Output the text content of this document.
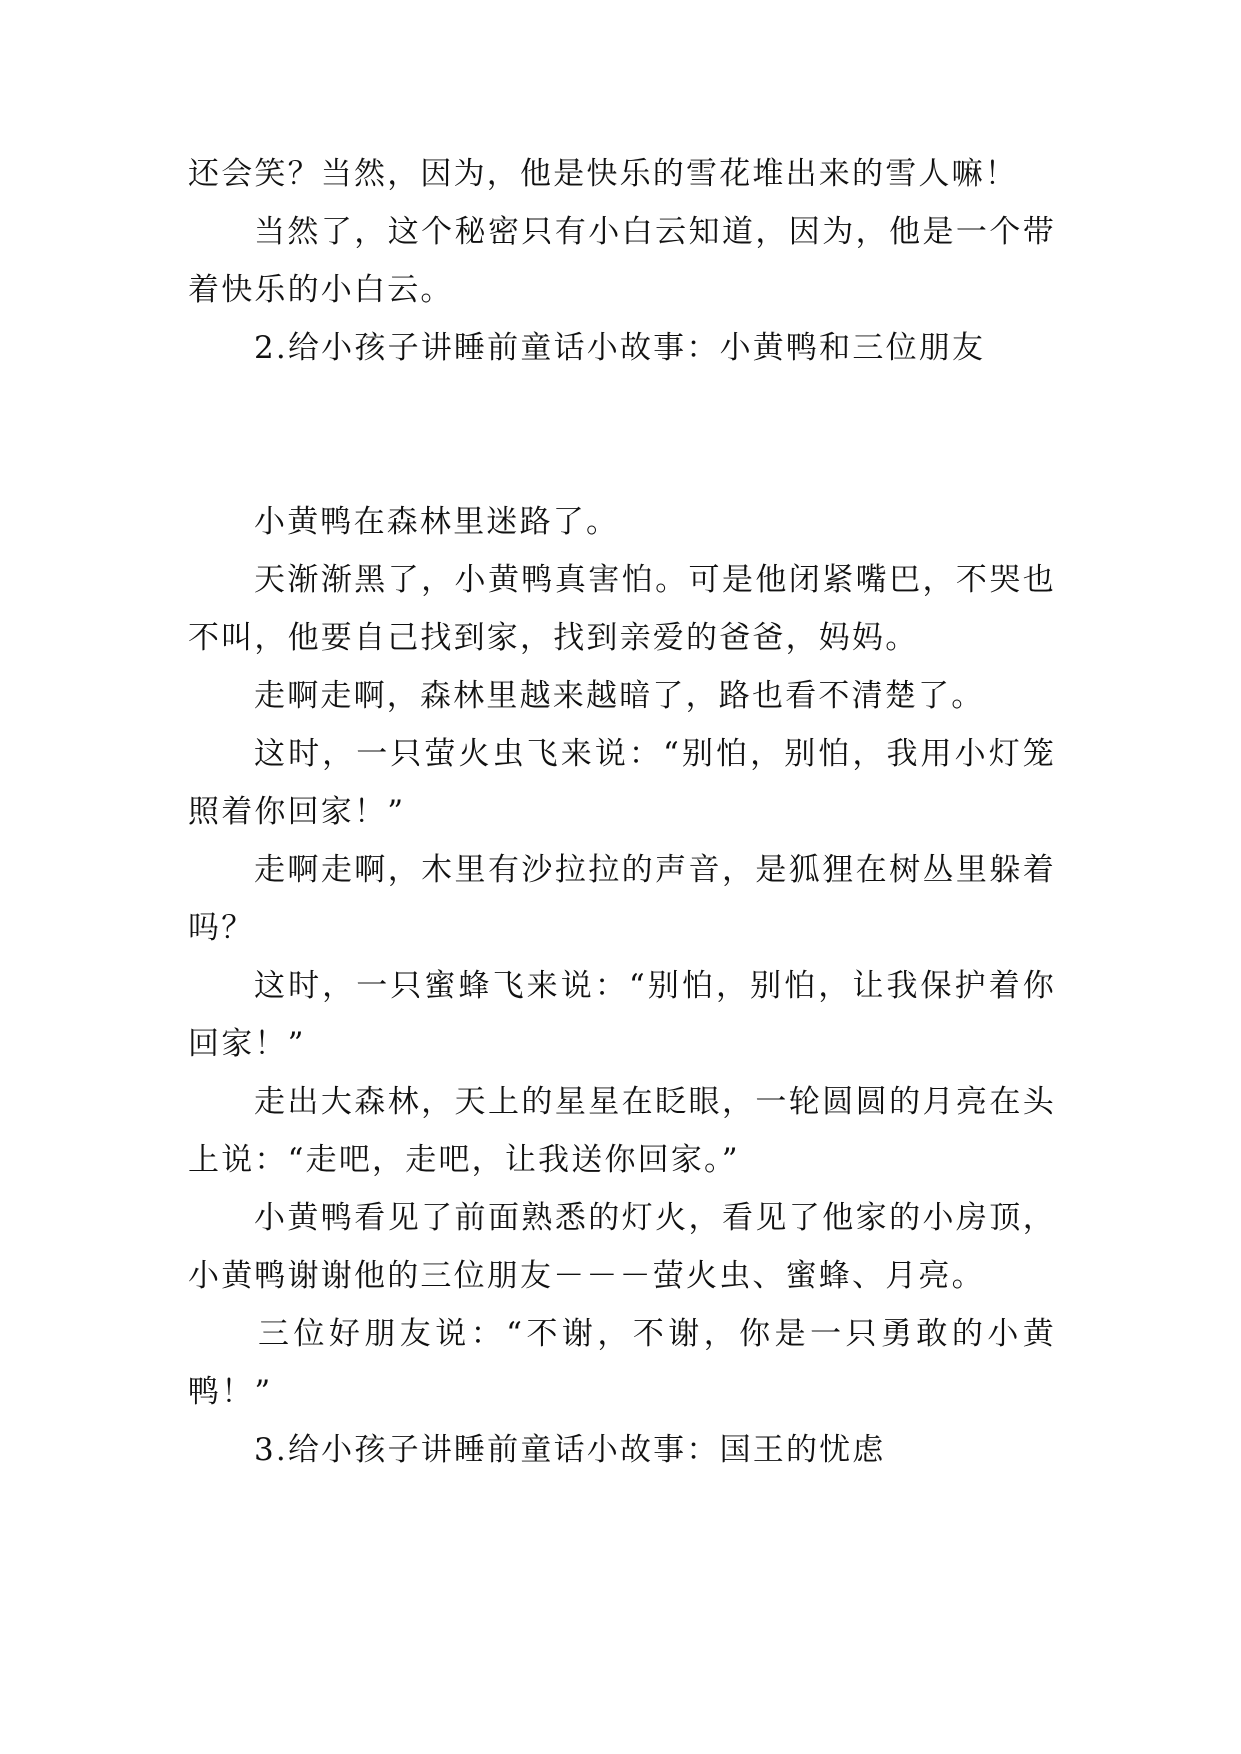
还会笑？当然，因为，他是快乐的雪花堆出来的雪人嘛！

当然了，这个秘密只有小白云知道，因为，他是一个带着快乐的小白云。

2.给小孩子讲睡前童话小故事：小黄鸭和三位朋友

小黄鸭在森林里迷路了。

天渐渐黑了，小黄鸭真害怕。可是他闭紧嘴巴，不哭也不叫，他要自己找到家，找到亲爱的爸爸，妈妈。

走啊走啊，森林里越来越暗了，路也看不清楚了。

这时，一只萤火虫飞来说：“别怕，别怕，我用小灯笼照着你回家！”

走啊走啊，木里有沙拉拉的声音，是狐狸在树丛里躲着吗？

这时，一只蜜蜂飞来说：“别怕，别怕，让我保护着你回家！”

走出大森林，天上的星星在眨眼，一轮圆圆的月亮在头上说：“走吧，走吧，让我送你回家。”

小黄鸭看见了前面熟悉的灯火，看见了他家的小房顶，小黄鸭谢谢他的三位朋友－－－萤火虫、蜜蜂、月亮。

三位好朋友说：“不谢，不谢，你是一只勇敢的小黄鸭！”

3.给小孩子讲睡前童话小故事：国王的忧虑
